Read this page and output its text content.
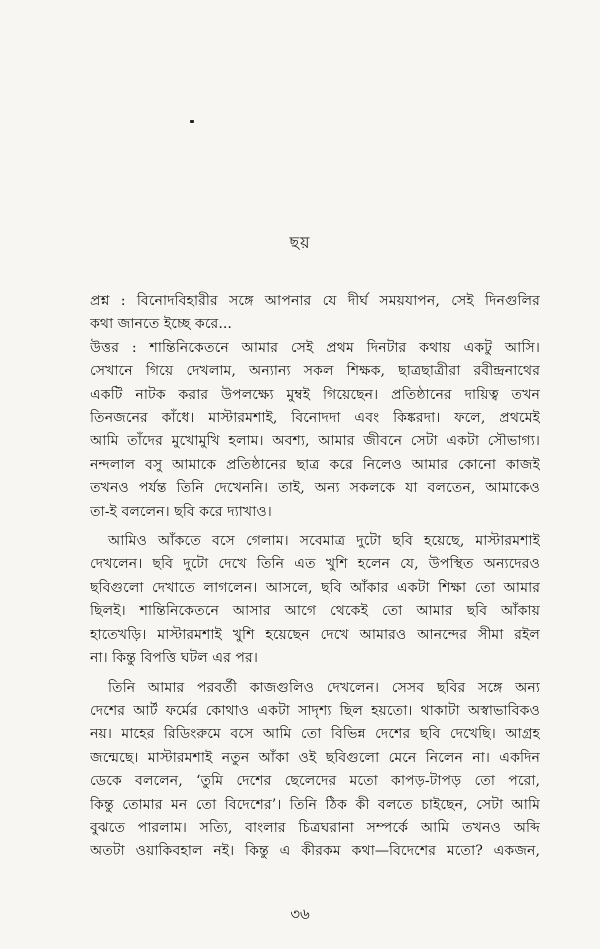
ছয়
প্রশ্ন : বিনোদবিহারীর সঙ্গে আপনার যে দীর্ঘ সময়যাপন, সেই দিনগুলির
কথা জানতে ইচ্ছে করে...
উত্তর : শান্তিনিকেতনে আমার সেই প্রথম দিনটার কথায় একটু আসি।
সেখানে গিয়ে দেখলাম, অন্যান্য সকল শিক্ষক, ছাত্রছাত্রীরা রবীন্দ্রনাথের
একটি নাটক করার উপলক্ষ্যে মুম্বই গিয়েছেন। প্রতিষ্ঠানের দায়িত্ব তখন
তিনজনের কাঁধে। মাস্টারমশাই, বিনোদদা এবং কিঙ্করদা। ফলে, প্রথমেই
আমি তাঁদের মুখোমুখি হলাম। অবশ্য, আমার জীবনে সেটা একটা সৌভাগ্য।
নন্দলাল বসু আমাকে প্রতিষ্ঠানের ছাত্র করে নিলেও আমার কোনো কাজই
তখনও পর্যন্ত তিনি দেখেননি। তাই, অন্য সকলকে যা বলতেন, আমাকেও
তা-ই বললেন। ছবি করে দ্যাখাও।
আমিও আঁকতে বসে গেলাম। সবেমাত্র দুটো ছবি হয়েছে, মাস্টারমশাই
দেখলেন। ছবি দুটো দেখে তিনি এত খুশি হলেন যে, উপস্থিত অন্যদেরও
ছবিগুলো দেখাতে লাগলেন। আসলে, ছবি আঁকার একটা শিক্ষা তো আমার
ছিলই। শান্তিনিকেতনে আসার আগে থেকেই তো আমার ছবি আঁকায়
হাতেখড়ি। মাস্টারমশাই খুশি হয়েছেন দেখে আমারও আনন্দের সীমা রইল
না। কিন্তু বিপত্তি ঘটল এর পর।
তিনি আমার পরবর্তী কাজগুলিও দেখলেন। সেসব ছবির সঙ্গে অন্য
দেশের আর্ট ফর্মের কোথাও একটা সাদৃশ্য ছিল হয়তো। থাকাটা অস্বাভাবিকও
নয়। মাহের রিডিংরুমে বসে আমি তো বিভিন্ন দেশের ছবি দেখেছি। আগ্রহ
জন্মেছে। মাস্টারমশাই নতুন আঁকা ওই ছবিগুলো মেনে নিলেন না। একদিন
ডেকে বললেন, ‘তুমি দেশের ছেলেদের মতো কাপড়-টাপড় তো পরো,
কিন্তু তোমার মন তো বিদেশের’। তিনি ঠিক কী বলতে চাইছেন, সেটা আমি
বুঝতে পারলাম। সত্যি, বাংলার চিত্রঘরানা সম্পর্কে আমি তখনও অব্দি
অতটা ওয়াকিবহাল নই। কিন্তু এ কীরকম কথা—বিদেশের মতো? একজন,
৩৬
